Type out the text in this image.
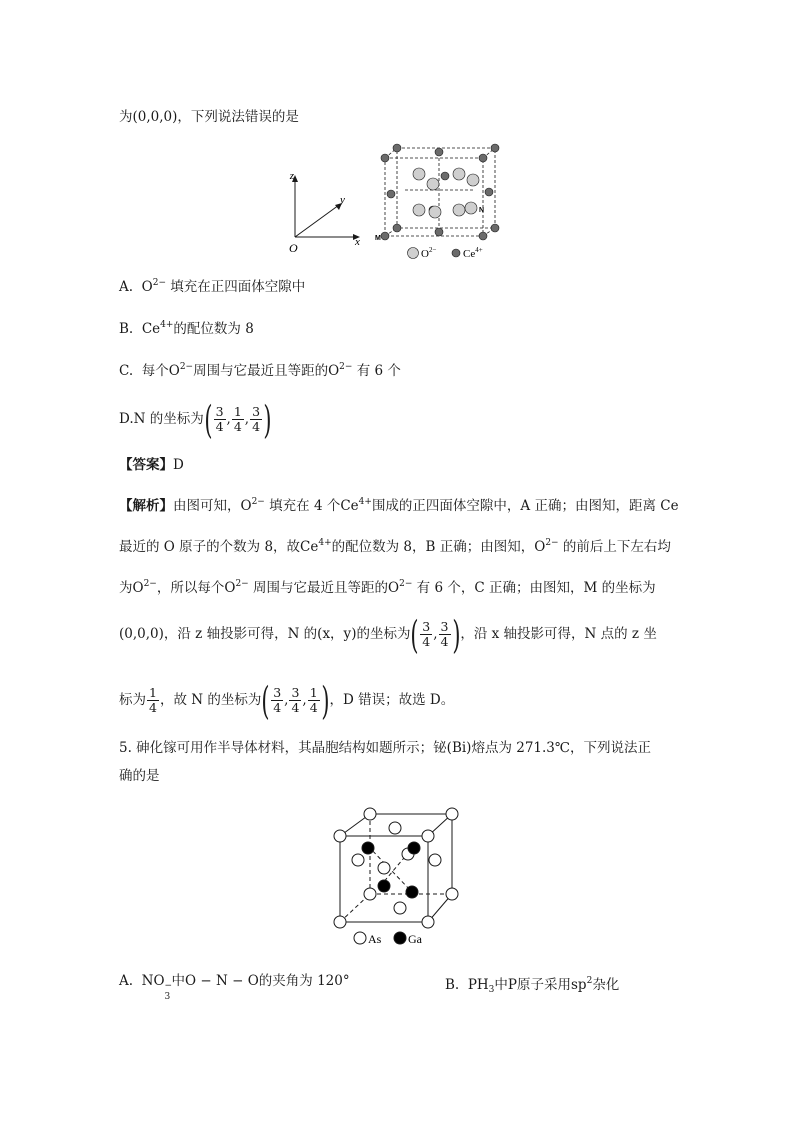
为(0,0,0)，下列说法错误的是
z
y
x
O
M
N
$O^{2-}$ $Ce^{4+}$
A. $O^{2-}$ 填充在正四面体空隙中
B. $Ce^{4+}$的配位数为 8
C. 每个$O^{2-}$周围与它最近且等距的$O^{2-}$ 有 6 个
D.N 的坐标为( $\frac{3}{4}$ , $\frac{1}{4}$ , $\frac{3}{4}$ )
【答案】D
【解析】由图可知，$O^{2-}$ 填充在 4 个$Ce^{4+}$围成的正四面体空隙中，A 正确；由图知，距离 Ce
最近的 O 原子的个数为 8，故$Ce^{4+}$的配位数为 8，B 正确；由图知，$O^{2-}$ 的前后上下左右均
为$O^{2-}$，所以每个$O^{2-}$ 周围与它最近且等距的$O^{2-}$ 有 6 个，C 正确；由图知，M 的坐标为
(0,0,0)，沿 z 轴投影可得，N 的(x，y)的坐标为( $\frac{3}{4}$ , $\frac{3}{4}$ )，沿 x 轴投影可得，N 点的 z 坐
标为 $\frac{1}{4}$ ，故 N 的坐标为( $\frac{3}{4}$ , $\frac{3}{4}$ , $\frac{1}{4}$ )，D 错误；故选 D。
5. 砷化镓可用作半导体材料，其晶胞结构如题所示；铋(Bi)熔点为 271.3℃，下列说法正
确的是
As Ga
A. NO −
3
中O − N − O的夹角为 120°	B. $PH_3$中P原子采用$sp^2$杂化
